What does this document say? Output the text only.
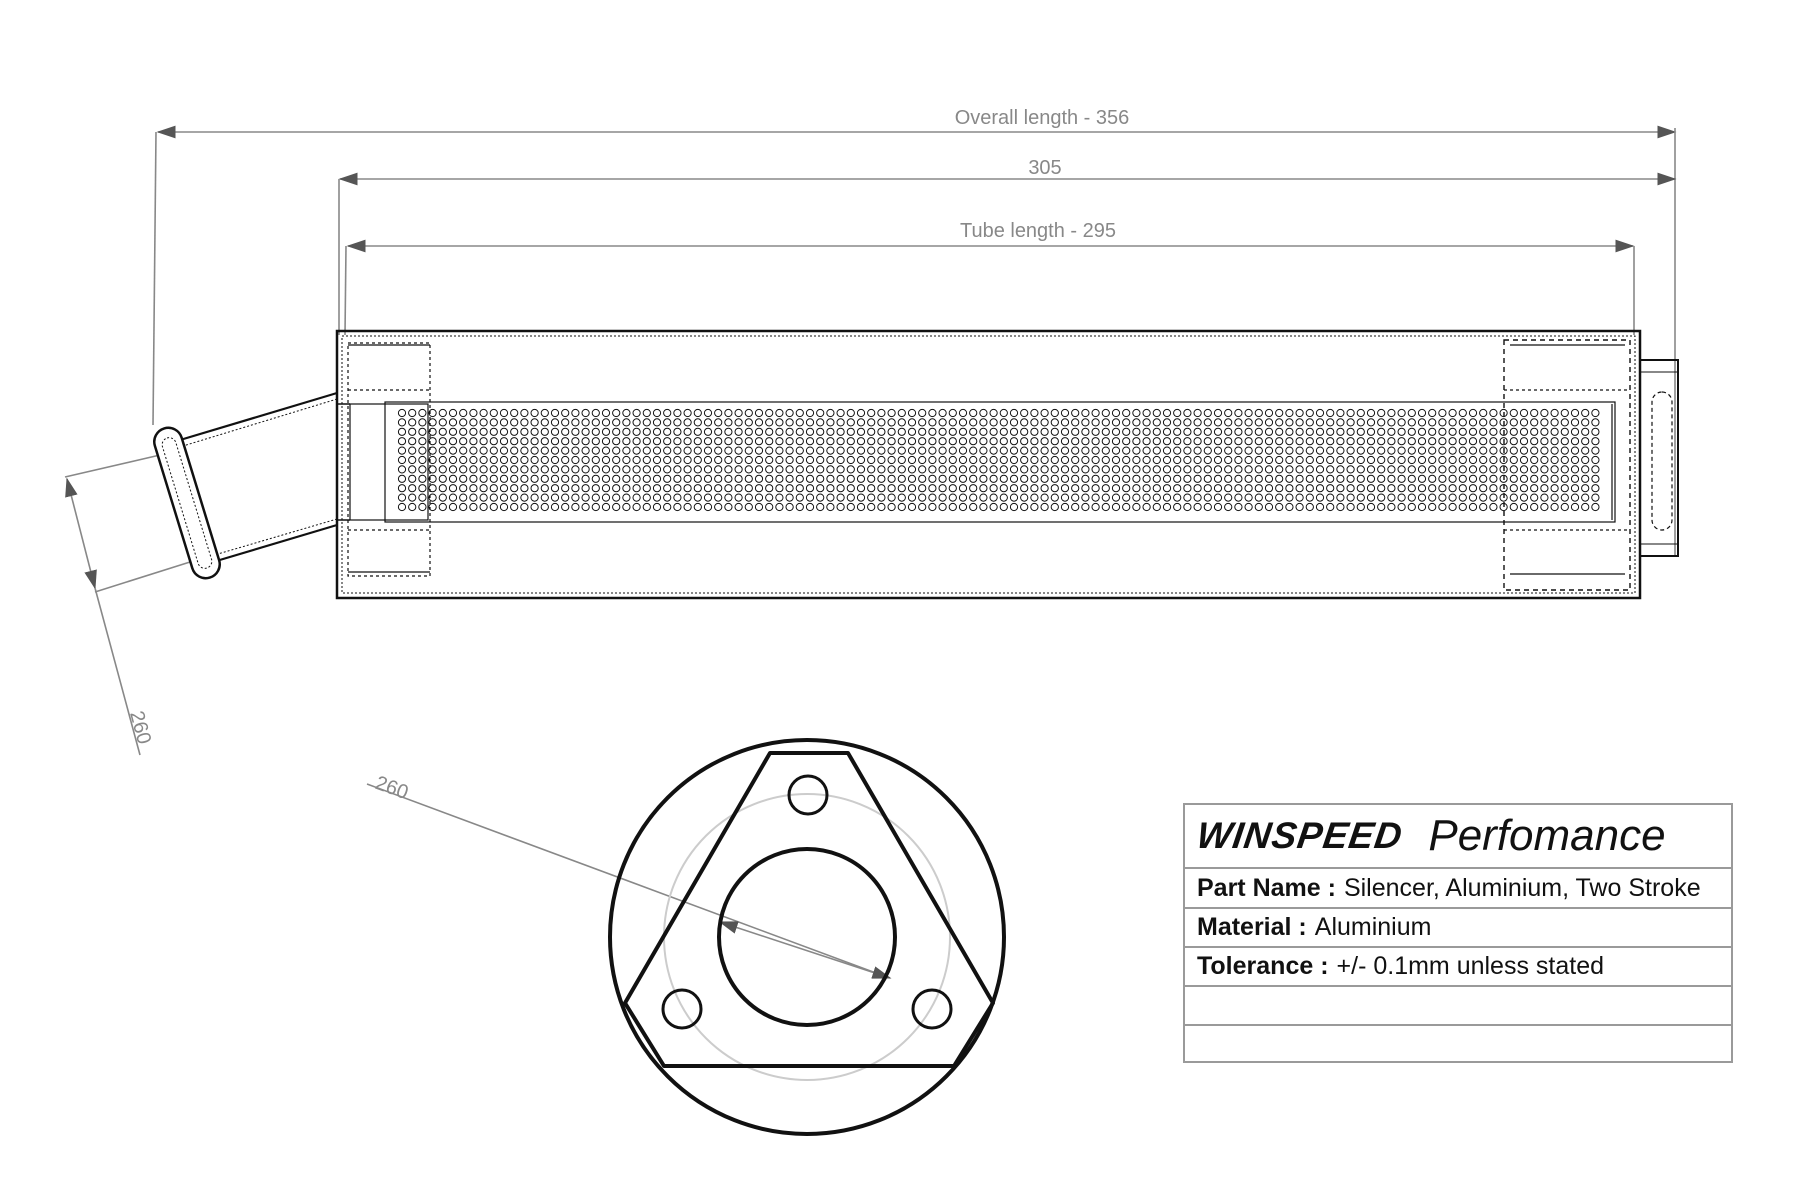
Overall length - 356
305
Tube length - 295
260
260
WINSPEED Perfomance
Part Name : Silencer, Aluminium, Two Stroke
Material : Aluminium
Tolerance : +/- 0.1mm unless stated
